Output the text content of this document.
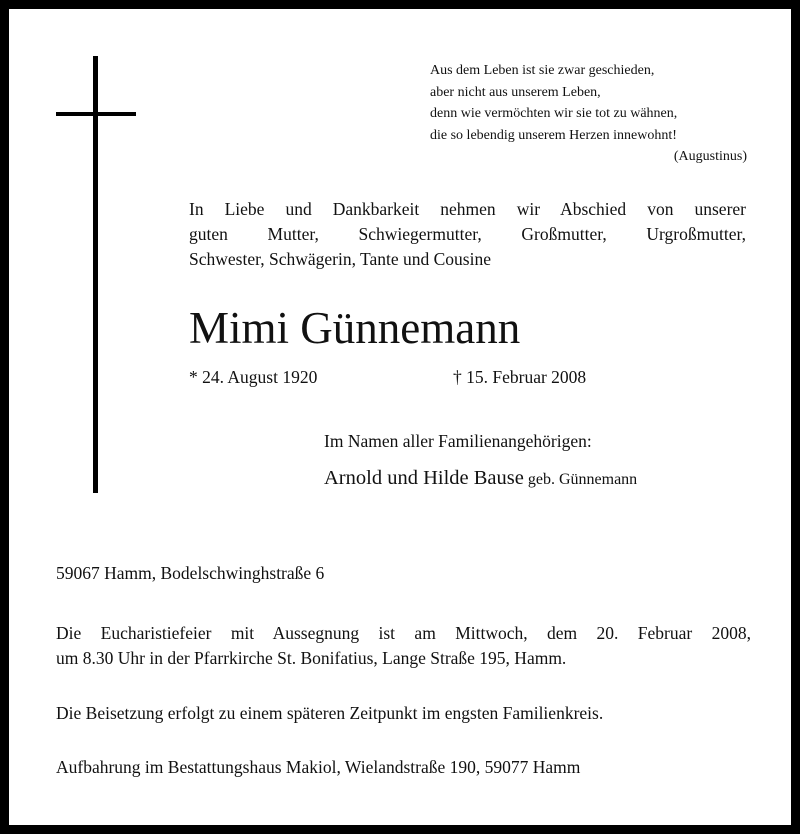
Aus dem Leben ist sie zwar geschieden,
aber nicht aus unserem Leben,
denn wie vermöchten wir sie tot zu wähnen,
die so lebendig unserem Herzen innewohnt!
(Augustinus)
In Liebe und Dankbarkeit nehmen wir Abschied von unserer
guten Mutter, Schwiegermutter, Großmutter, Urgroßmutter,
Schwester, Schwägerin, Tante und Cousine
Mimi Günnemann
* 24. August 1920	† 15. Februar 2008
Im Namen aller Familienangehörigen:
Arnold und Hilde Bause geb. Günnemann
59067 Hamm, Bodelschwinghstraße 6
Die Eucharistiefeier mit Aussegnung ist am Mittwoch, dem 20. Februar 2008,
um 8.30 Uhr in der Pfarrkirche St. Bonifatius, Lange Straße 195, Hamm.
Die Beisetzung erfolgt zu einem späteren Zeitpunkt im engsten Familienkreis.
Aufbahrung im Bestattungshaus Makiol, Wielandstraße 190, 59077 Hamm
